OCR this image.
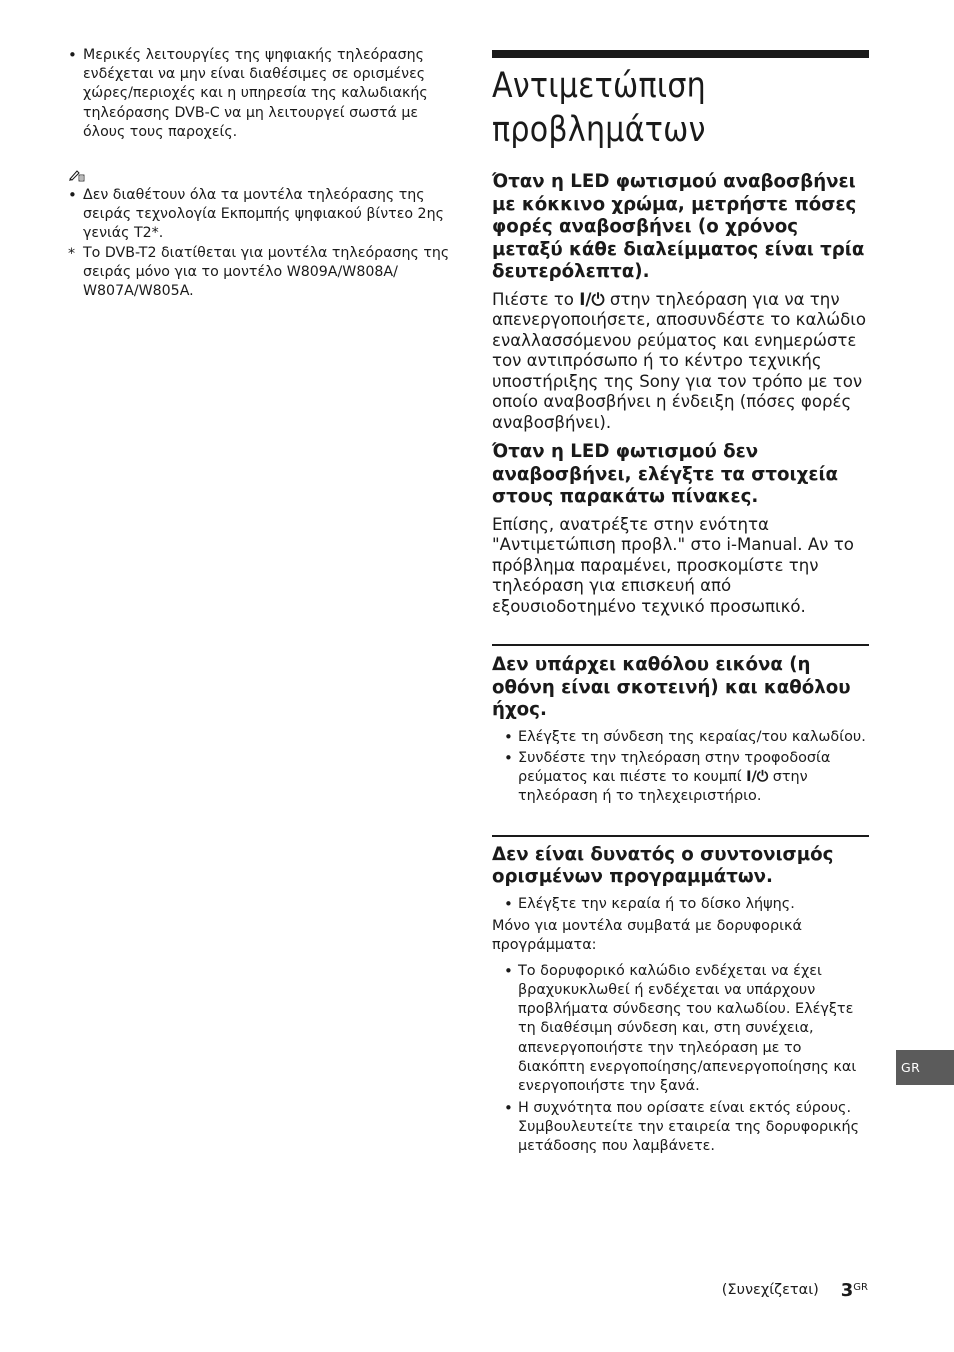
• Μερικές λειτουργίες της ψηφιακής τηλεόρασης ενδέχεται να μην είναι διαθέσιμες σε ορισμένες χώρες/περιοχές και η υπηρεσία της καλωδιακής τηλεόρασης DVB-C να μη λειτουργεί σωστά με όλους τους παροχείς.
• Δεν διαθέτουν όλα τα μοντέλα τηλεόρασης της σειράς τεχνολογία Εκπομπής ψηφιακού βίντεο 2ης γενιάς T2*.
* Το DVB-T2 διατίθεται για μοντέλα τηλεόρασης της σειράς μόνο για το μοντέλο W809A/W808A/ W807A/W805A.
Αντιμετώπιση
προβλημάτων
Όταν η LED φωτισμού αναβοσβήνει με κόκκινο χρώμα, μετρήστε πόσες φορές αναβοσβήνει (ο χρόνος μεταξύ κάθε διαλείμματος είναι τρία δευτερόλεπτα).
Πιέστε το I/⏻ στην τηλεόραση για να την απενεργοποιήσετε, αποσυνδέστε το καλώδιο εναλλασσόμενου ρεύματος και ενημερώστε τον αντιπρόσωπο ή το κέντρο τεχνικής υποστήριξης της Sony για τον τρόπο με τον οποίο αναβοσβήνει η ένδειξη (πόσες φορές αναβοσβήνει).
Όταν η LED φωτισμού δεν αναβοσβήνει, ελέγξτε τα στοιχεία στους παρακάτω πίνακες.
Επίσης, ανατρέξτε στην ενότητα "Αντιμετώπιση προβλ." στο i-Manual. Αν το πρόβλημα παραμένει, προσκομίστε την τηλεόραση για επισκευή από εξουσιοδοτημένο τεχνικό προσωπικό.
Δεν υπάρχει καθόλου εικόνα (η οθόνη είναι σκοτεινή) και καθόλου ήχος.
• Ελέγξτε τη σύνδεση της κεραίας/του καλωδίου.
• Συνδέστε την τηλεόραση στην τροφοδοσία ρεύματος και πιέστε το κουμπί I/⏻ στην τηλεόραση ή το τηλεχειριστήριο.
Δεν είναι δυνατός ο συντονισμός ορισμένων προγραμμάτων.
• Ελέγξτε την κεραία ή το δίσκο λήψης.
Μόνο για μοντέλα συμβατά με δορυφορικά προγράμματα:
• Το δορυφορικό καλώδιο ενδέχεται να έχει βραχυκυκλωθεί ή ενδέχεται να υπάρχουν προβλήματα σύνδεσης του καλωδίου. Ελέγξτε τη διαθέσιμη σύνδεση και, στη συνέχεια, απενεργοποιήστε την τηλεόραση με το διακόπτη ενεργοποίησης/απενεργοποίησης και ενεργοποιήστε την ξανά.
• Η συχνότητα που ορίσατε είναι εκτός εύρους. Συμβουλευτείτε την εταιρεία της δορυφορικής μετάδοσης που λαμβάνετε.
GR
(Συνεχίζεται) $3^{GR}$
